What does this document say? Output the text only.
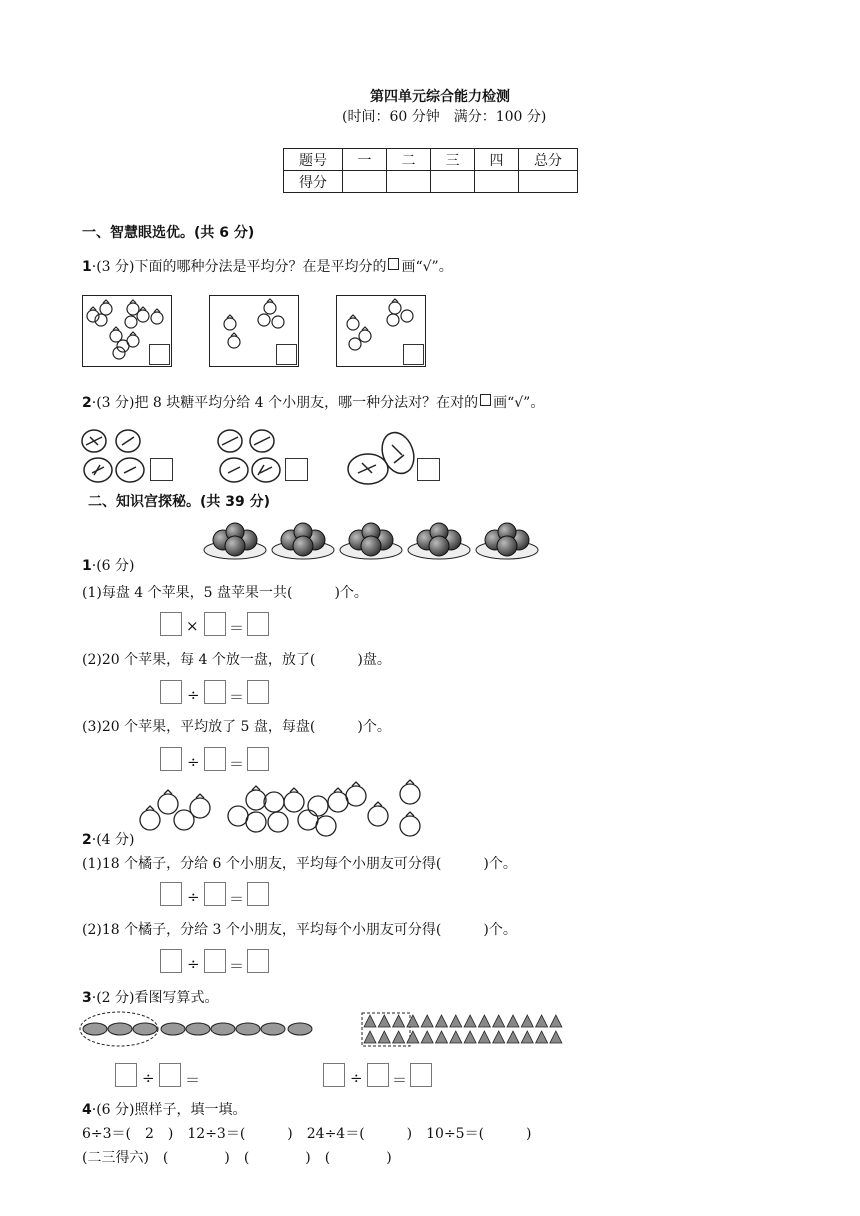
第四单元综合能力检测
(时间：60 分钟　满分：100 分)
题号	一	二	三	四	总分
得分					
一、智慧眼选优。(共 6 分)
1·(3 分)下面的哪种分法是平均分？在是平均分的 画“√”。
2·(3 分)把 8 块糖平均分给 4 个小朋友，哪一种分法对？在对的 画“√”。
二、知识宫探秘。(共 39 分)
1·(6 分)
(1)每盘 4 个苹果，5 盘苹果一共(　　　)个。
× ＝
(2)20 个苹果，每 4 个放一盘，放了(　　　)盘。
÷ ＝
(3)20 个苹果，平均放了 5 盘，每盘(　　　)个。
÷ ＝
2·(4 分)
(1)18 个橘子，分给 6 个小朋友，平均每个小朋友可分得(　　　)个。
÷ ＝
(2)18 个橘子，分给 3 个小朋友，平均每个小朋友可分得(　　　)个。
÷ ＝
3·(2 分)看图写算式。
÷ ＝	÷ ＝
4·(6 分)照样子，填一填。
6÷3＝(　2　)　12÷3＝(　　　)　24÷4＝(　　　)　10÷5＝(　　　)
(二三得六)　(　　　　)　(　　　　)　(　　　　)
